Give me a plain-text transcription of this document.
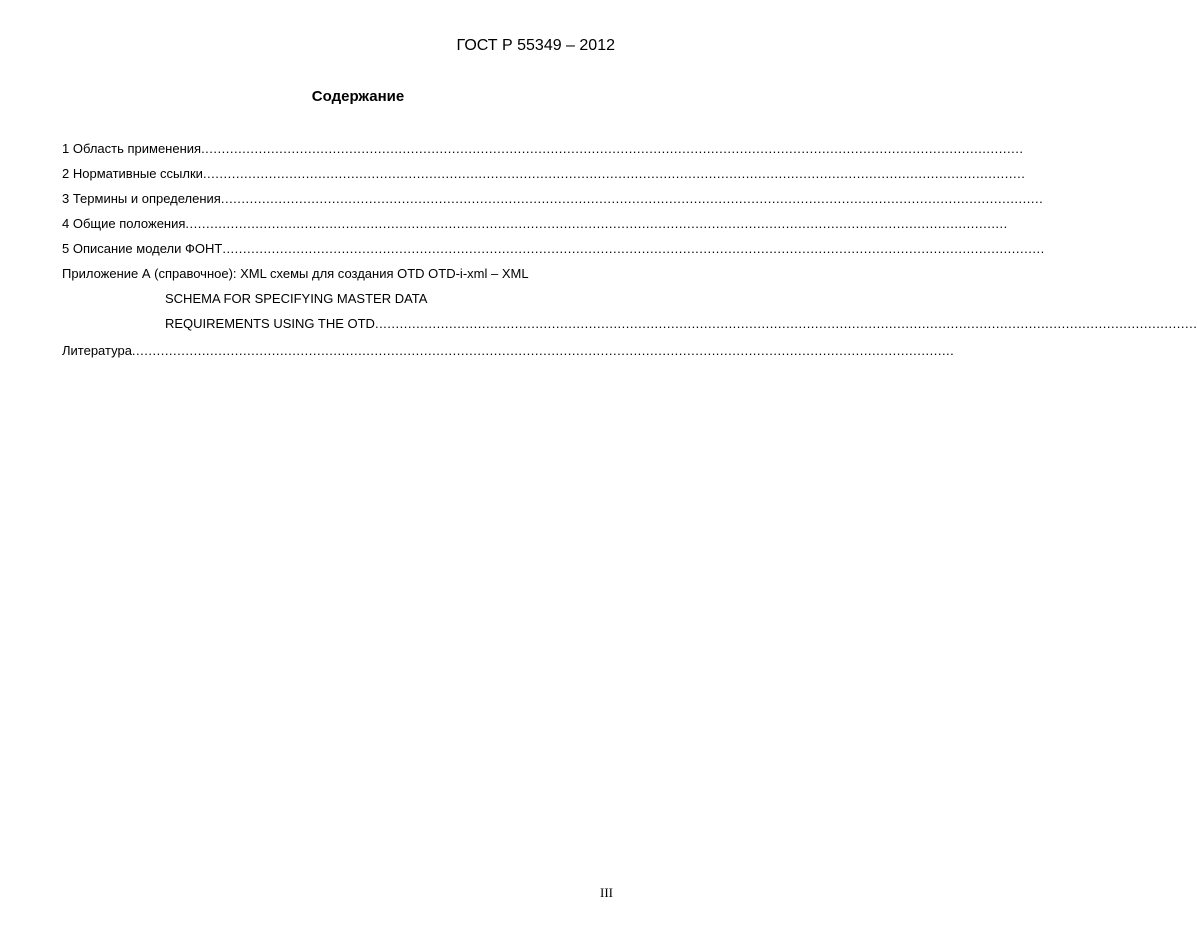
ГОСТ Р 55349 – 2012
Содержание
1 Область применения ........................................................................................................................................................................................................
2 Нормативные ссылки ........................................................................................................................................................................................................
3 Термины и определения ........................................................................................................................................................................................................
4 Общие положения ........................................................................................................................................................................................................
5 Описание модели ФОНТ ........................................................................................................................................................................................................
Приложение А (справочное): XML схемы для создания OTD OTD-i-xml – XML
SCHEMA FOR SPECIFYING MASTER DATA
REQUIREMENTS USING THE OTD ........................................................................................................................................................................................................
Литература ........................................................................................................................................................................................................
III
